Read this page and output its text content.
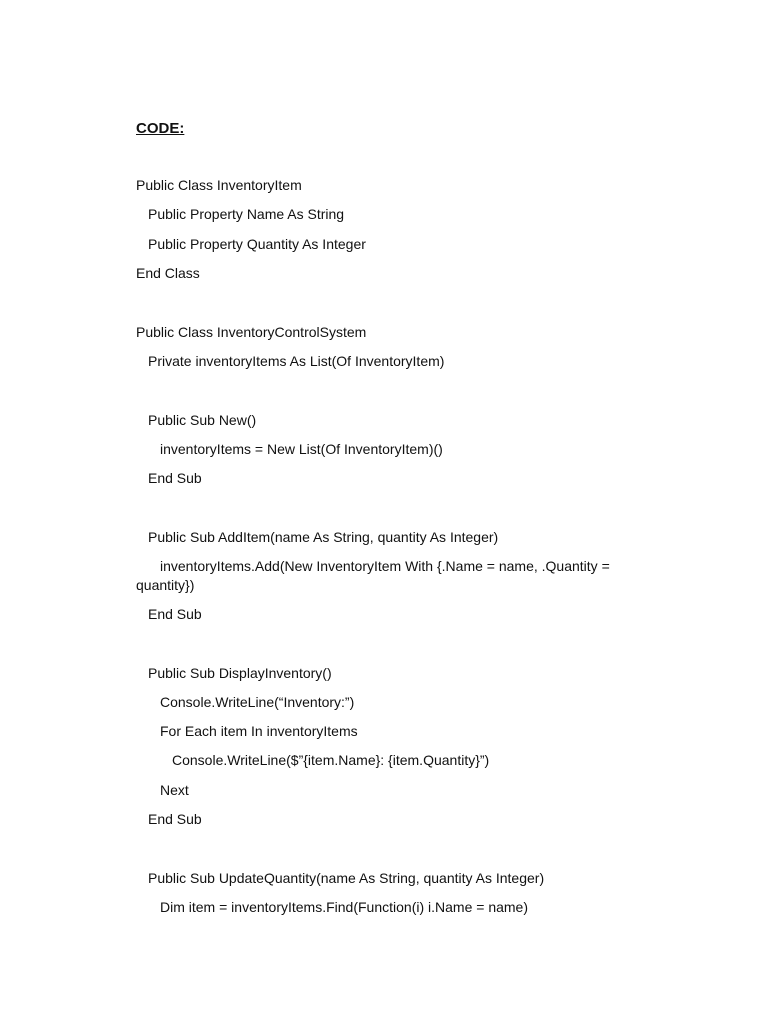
CODE:
Public Class InventoryItem
Public Property Name As String
Public Property Quantity As Integer
End Class
Public Class InventoryControlSystem
Private inventoryItems As List(Of InventoryItem)
Public Sub New()
inventoryItems = New List(Of InventoryItem)()
End Sub
Public Sub AddItem(name As String, quantity As Integer)
inventoryItems.Add(New InventoryItem With {.Name = name, .Quantity =
quantity})
End Sub
Public Sub DisplayInventory()
Console.WriteLine(“Inventory:”)
For Each item In inventoryItems
Console.WriteLine($”{item.Name}: {item.Quantity}”)
Next
End Sub
Public Sub UpdateQuantity(name As String, quantity As Integer)
Dim item = inventoryItems.Find(Function(i) i.Name = name)
